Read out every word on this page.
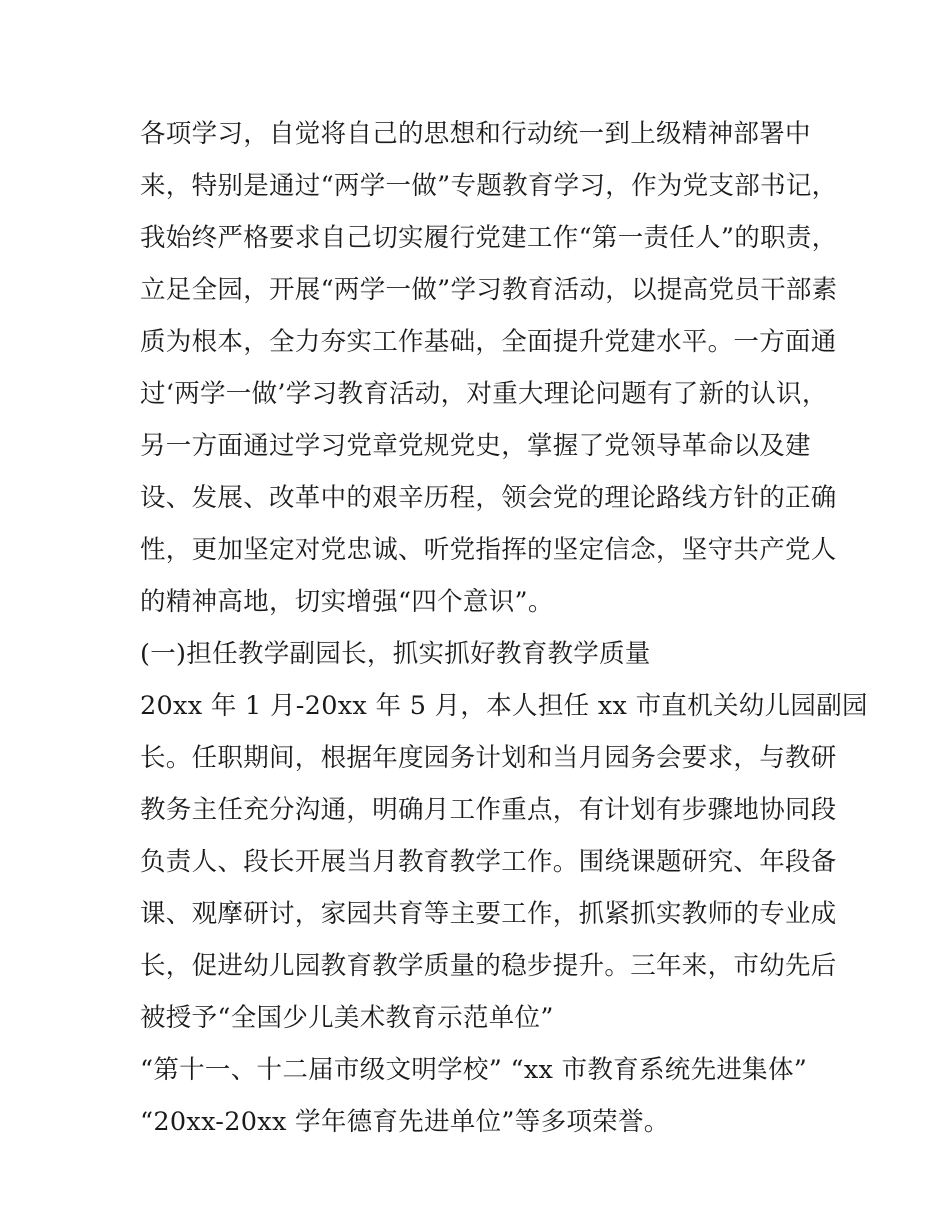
各项学习，自觉将自己的思想和行动统一到上级精神部署中
来，特别是通过“两学一做”专题教育学习，作为党支部书记，
我始终严格要求自己切实履行党建工作“第一责任人”的职责，
立足全园，开展“两学一做”学习教育活动，以提高党员干部素
质为根本，全力夯实工作基础，全面提升党建水平。一方面通
过‘两学一做’学习教育活动，对重大理论问题有了新的认识，
另一方面通过学习党章党规党史，掌握了党领导革命以及建
设、发展、改革中的艰辛历程，领会党的理论路线方针的正确
性，更加坚定对党忠诚、听党指挥的坚定信念，坚守共产党人
的精神高地，切实增强“四个意识”。
(一)担任教学副园长，抓实抓好教育教学质量
20xx 年 1 月-20xx 年 5 月，本人担任 xx 市直机关幼儿园副园
长。任职期间，根据年度园务计划和当月园务会要求，与教研
教务主任充分沟通，明确月工作重点，有计划有步骤地协同段
负责人、段长开展当月教育教学工作。围绕课题研究、年段备
课、观摩研讨，家园共育等主要工作，抓紧抓实教师的专业成
长，促进幼儿园教育教学质量的稳步提升。三年来，市幼先后
被授予“全国少儿美术教育示范单位”
“第十一、十二届市级文明学校” “xx 市教育系统先进集体”
“20xx-20xx 学年德育先进单位”等多项荣誉。
